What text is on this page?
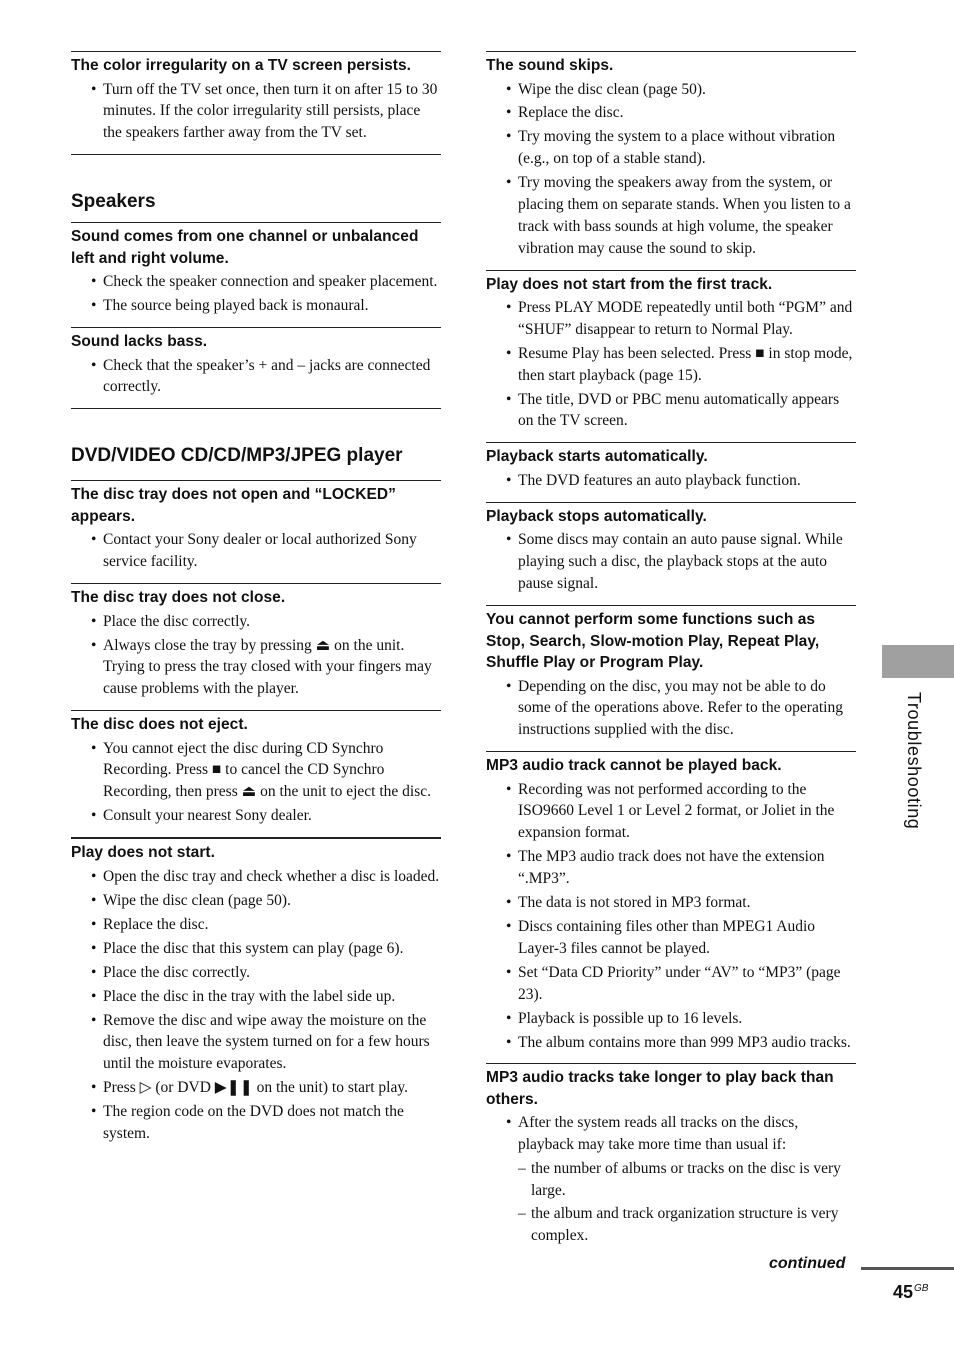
The color irregularity on a TV screen persists.
• Turn off the TV set once, then turn it on after 15 to 30 minutes. If the color irregularity still persists, place the speakers farther away from the TV set.
Speakers
Sound comes from one channel or unbalanced left and right volume.
• Check the speaker connection and speaker placement.
• The source being played back is monaural.
Sound lacks bass.
• Check that the speaker’s + and – jacks are connected correctly.
DVD/VIDEO CD/CD/MP3/JPEG player
The disc tray does not open and “LOCKED” appears.
• Contact your Sony dealer or local authorized Sony service facility.
The disc tray does not close.
• Place the disc correctly.
• Always close the tray by pressing ⏏ on the unit. Trying to press the tray closed with your fingers may cause problems with the player.
The disc does not eject.
• You cannot eject the disc during CD Synchro Recording. Press ■ to cancel the CD Synchro Recording, then press ⏏ on the unit to eject the disc.
• Consult your nearest Sony dealer.
Play does not start.
• Open the disc tray and check whether a disc is loaded.
• Wipe the disc clean (page 50).
• Replace the disc.
• Place the disc that this system can play (page 6).
• Place the disc correctly.
• Place the disc in the tray with the label side up.
• Remove the disc and wipe away the moisture on the disc, then leave the system turned on for a few hours until the moisture evaporates.
• Press ▷ (or DVD ▶❚❚ on the unit) to start play.
• The region code on the DVD does not match the system.
The sound skips.
• Wipe the disc clean (page 50).
• Replace the disc.
• Try moving the system to a place without vibration (e.g., on top of a stable stand).
• Try moving the speakers away from the system, or placing them on separate stands. When you listen to a track with bass sounds at high volume, the speaker vibration may cause the sound to skip.
Play does not start from the first track.
• Press PLAY MODE repeatedly until both “PGM” and “SHUF” disappear to return to Normal Play.
• Resume Play has been selected. Press ■ in stop mode, then start playback (page 15).
• The title, DVD or PBC menu automatically appears on the TV screen.
Playback starts automatically.
• The DVD features an auto playback function.
Playback stops automatically.
• Some discs may contain an auto pause signal. While playing such a disc, the playback stops at the auto pause signal.
You cannot perform some functions such as Stop, Search, Slow-motion Play, Repeat Play, Shuffle Play or Program Play.
• Depending on the disc, you may not be able to do some of the operations above. Refer to the operating instructions supplied with the disc.
MP3 audio track cannot be played back.
• Recording was not performed according to the ISO9660 Level 1 or Level 2 format, or Joliet in the expansion format.
• The MP3 audio track does not have the extension “.MP3”.
• The data is not stored in MP3 format.
• Discs containing files other than MPEG1 Audio Layer-3 files cannot be played.
• Set “Data CD Priority” under “AV” to “MP3” (page 23).
• Playback is possible up to 16 levels.
• The album contains more than 999 MP3 audio tracks.
MP3 audio tracks take longer to play back than others.
• After the system reads all tracks on the discs, playback may take more time than usual if:
– the number of albums or tracks on the disc is very large.
– the album and track organization structure is very complex.
Troubleshooting
continued
$45^{GB}$
